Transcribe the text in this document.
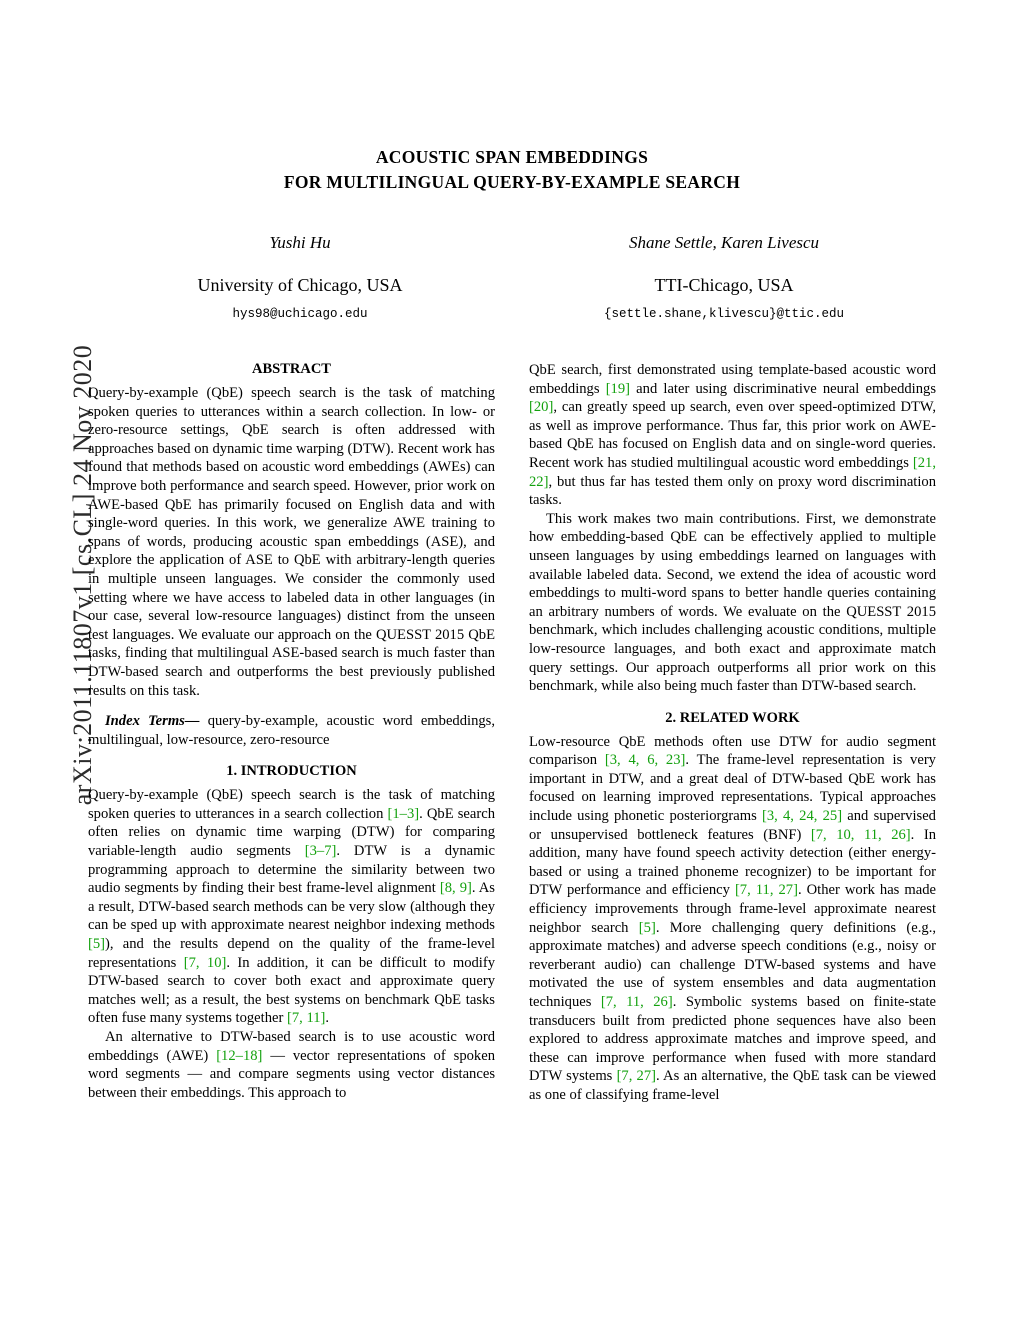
arXiv:2011.11807v1 [cs.CL] 24 Nov 2020
ACOUSTIC SPAN EMBEDDINGS
FOR MULTILINGUAL QUERY-BY-EXAMPLE SEARCH
Yushi Hu
University of Chicago, USA
hys98@uchicago.edu
Shane Settle, Karen Livescu
TTI-Chicago, USA
{settle.shane,klivescu}@ttic.edu
ABSTRACT

Query-by-example (QbE) speech search is the task of matching spoken queries to utterances within a search collection. In low- or zero-resource settings, QbE search is often addressed with approaches based on dynamic time warping (DTW). Recent work has found that methods based on acoustic word embeddings (AWEs) can improve both performance and search speed. However, prior work on AWE-based QbE has primarily focused on English data and with single-word queries. In this work, we generalize AWE training to spans of words, producing acoustic span embeddings (ASE), and explore the application of ASE to QbE with arbitrary-length queries in multiple unseen languages. We consider the commonly used setting where we have access to labeled data in other languages (in our case, several low-resource languages) distinct from the unseen test languages. We evaluate our approach on the QUESST 2015 QbE tasks, finding that multilingual ASE-based search is much faster than DTW-based search and outperforms the best previously published results on this task.

Index Terms— query-by-example, acoustic word embeddings, multilingual, low-resource, zero-resource

1. INTRODUCTION

Query-by-example (QbE) speech search is the task of matching spoken queries to utterances in a search collection [1–3]. QbE search often relies on dynamic time warping (DTW) for comparing variable-length audio segments [3–7]. DTW is a dynamic programming approach to determine the similarity between two audio segments by finding their best frame-level alignment [8, 9]. As a result, DTW-based search methods can be very slow (although they can be sped up with approximate nearest neighbor indexing methods [5]), and the results depend on the quality of the frame-level representations [7, 10]. In addition, it can be difficult to modify DTW-based search to cover both exact and approximate query matches well; as a result, the best systems on benchmark QbE tasks often fuse many systems together [7, 11].

An alternative to DTW-based search is to use acoustic word embeddings (AWE) [12–18] — vector representations of spoken word segments — and compare segments using vector distances between their embeddings. This approach to

QbE search, first demonstrated using template-based acoustic word embeddings [19] and later using discriminative neural embeddings [20], can greatly speed up search, even over speed-optimized DTW, as well as improve performance. Thus far, this prior work on AWE-based QbE has focused on English data and on single-word queries. Recent work has studied multilingual acoustic word embeddings [21, 22], but thus far has tested them only on proxy word discrimination tasks.

This work makes two main contributions. First, we demonstrate how embedding-based QbE can be effectively applied to multiple unseen languages by using embeddings learned on languages with available labeled data. Second, we extend the idea of acoustic word embeddings to multi-word spans to better handle queries containing an arbitrary numbers of words. We evaluate on the QUESST 2015 benchmark, which includes challenging acoustic conditions, multiple low-resource languages, and both exact and approximate match query settings. Our approach outperforms all prior work on this benchmark, while also being much faster than DTW-based search.

2. RELATED WORK

Low-resource QbE methods often use DTW for audio segment comparison [3, 4, 6, 23]. The frame-level representation is very important in DTW, and a great deal of DTW-based QbE work has focused on learning improved representations. Typical approaches include using phonetic posteriorgrams [3, 4, 24, 25] and supervised or unsupervised bottleneck features (BNF) [7, 10, 11, 26]. In addition, many have found speech activity detection (either energy-based or using a trained phoneme recognizer) to be important for DTW performance and efficiency [7, 11, 27]. Other work has made efficiency improvements through frame-level approximate nearest neighbor search [5]. More challenging query definitions (e.g., approximate matches) and adverse speech conditions (e.g., noisy or reverberant audio) can challenge DTW-based systems and have motivated the use of system ensembles and data augmentation techniques [7, 11, 26]. Symbolic systems based on finite-state transducers built from predicted phone sequences have also been explored to address approximate matches and improve speed, and these can improve performance when fused with more standard DTW systems [7, 27]. As an alternative, the QbE task can be viewed as one of classifying frame-level
